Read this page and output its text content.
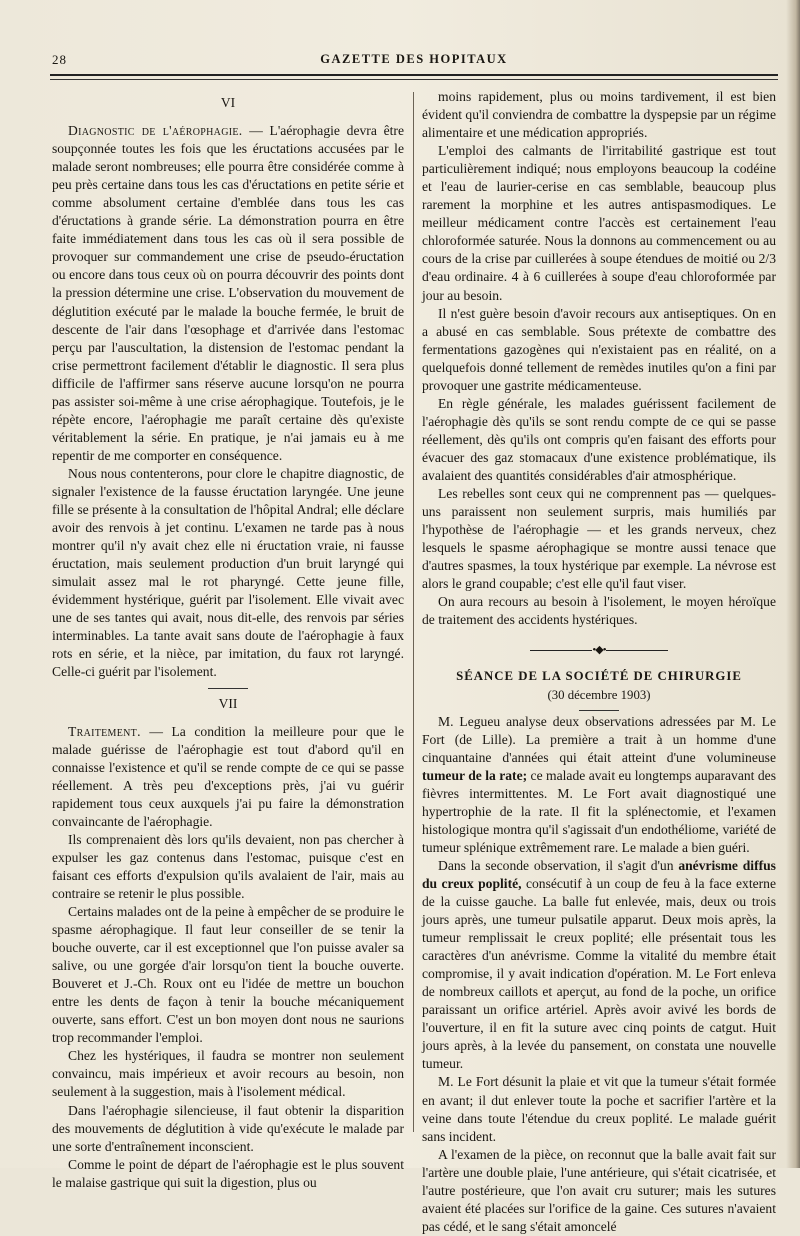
28	GAZETTE DES HOPITAUX

VI

Diagnostic de l'aérophagie. — L'aérophagie devra être soupçonnée toutes les fois que les éructations accusées par le malade seront nombreuses; elle pourra être considérée comme à peu près certaine dans tous les cas d'éructations en petite série et comme absolument certaine d'emblée dans tous les cas d'éructations à grande série. La démonstration pourra en être faite immédiatement dans tous les cas où il sera possible de provoquer sur commandement une crise de pseudo-éructation ou encore dans tous ceux où on pourra découvrir des points dont la pression détermine une crise. L'observation du mouvement de déglutition exécuté par le malade la bouche fermée, le bruit de descente de l'air dans l'œsophage et d'arrivée dans l'estomac perçu par l'auscultation, la distension de l'estomac pendant la crise permettront facilement d'établir le diagnostic. Il sera plus difficile de l'affirmer sans réserve aucune lorsqu'on ne pourra pas assister soi-même à une crise aérophagique. Toutefois, je le répète encore, l'aérophagie me paraît certaine dès qu'existe véritablement la série. En pratique, je n'ai jamais eu à me repentir de me comporter en conséquence.

Nous nous contenterons, pour clore le chapitre diagnostic, de signaler l'existence de la fausse éructation laryngée. Une jeune fille se présente à la consultation de l'hôpital Andral; elle déclare avoir des renvois à jet continu. L'examen ne tarde pas à nous montrer qu'il n'y avait chez elle ni éructation vraie, ni fausse éructation, mais seulement production d'un bruit laryngé qui simulait assez mal le rot pharyngé. Cette jeune fille, évidemment hystérique, guérit par l'isolement. Elle vivait avec une de ses tantes qui avait, nous dit-elle, des renvois par séries interminables. La tante avait sans doute de l'aérophagie à faux rots en série, et la nièce, par imitation, du faux rot laryngé. Celle-ci guérit par l'isolement.

VII

Traitement. — La condition la meilleure pour que le malade guérisse de l'aérophagie est tout d'abord qu'il en connaisse l'existence et qu'il se rende compte de ce qui se passe réellement. A très peu d'exceptions près, j'ai vu guérir rapidement tous ceux auxquels j'ai pu faire la démonstration convaincante de l'aérophagie.

Ils comprenaient dès lors qu'ils devaient, non pas chercher à expulser les gaz contenus dans l'estomac, puisque c'est en faisant ces efforts d'expulsion qu'ils avalaient de l'air, mais au contraire se retenir le plus possible.

Certains malades ont de la peine à empêcher de se produire le spasme aérophagique. Il faut leur conseiller de se tenir la bouche ouverte, car il est exceptionnel que l'on puisse avaler sa salive, ou une gorgée d'air lorsqu'on tient la bouche ouverte. Bouveret et J.-Ch. Roux ont eu l'idée de mettre un bouchon entre les dents de façon à tenir la bouche mécaniquement ouverte, sans effort. C'est un bon moyen dont nous ne saurions trop recommander l'emploi.

Chez les hystériques, il faudra se montrer non seulement convaincu, mais impérieux et avoir recours au besoin, non seulement à la suggestion, mais à l'isolement médical.

Dans l'aérophagie silencieuse, il faut obtenir la disparition des mouvements de déglutition à vide qu'exécute le malade par une sorte d'entraînement inconscient.

Comme le point de départ de l'aérophagie est le plus souvent le malaise gastrique qui suit la digestion, plus ou

moins rapidement, plus ou moins tardivement, il est bien évident qu'il conviendra de combattre la dyspepsie par un régime alimentaire et une médication appropriés.

L'emploi des calmants de l'irritabilité gastrique est tout particulièrement indiqué; nous employons beaucoup la codéine et l'eau de laurier-cerise en cas semblable, beaucoup plus rarement la morphine et les autres antispasmodiques. Le meilleur médicament contre l'accès est certainement l'eau chloroformée saturée. Nous la donnons au commencement ou au cours de la crise par cuillerées à soupe étendues de moitié ou 2/3 d'eau ordinaire. 4 à 6 cuillerées à soupe d'eau chloroformée par jour au besoin.

Il n'est guère besoin d'avoir recours aux antiseptiques. On en a abusé en cas semblable. Sous prétexte de combattre des fermentations gazogènes qui n'existaient pas en réalité, on a quelquefois donné tellement de remèdes inutiles qu'on a fini par provoquer une gastrite médicamenteuse.

En règle générale, les malades guérissent facilement de l'aérophagie dès qu'ils se sont rendu compte de ce qui se passe réellement, dès qu'ils ont compris qu'en faisant des efforts pour évacuer des gaz stomacaux d'une existence problématique, ils avalaient des quantités considérables d'air atmosphérique.

Les rebelles sont ceux qui ne comprennent pas — quelques-uns paraissent non seulement surpris, mais humiliés par l'hypothèse de l'aérophagie — et les grands nerveux, chez lesquels le spasme aérophagique se montre aussi tenace que d'autres spasmes, la toux hystérique par exemple. La névrose est alors le grand coupable; c'est elle qu'il faut viser.

On aura recours au besoin à l'isolement, le moyen héroïque de traitement des accidents hystériques.

•◆•

SÉANCE DE LA SOCIÉTÉ DE CHIRURGIE

(30 décembre 1903)

M. Legueu analyse deux observations adressées par M. Le Fort (de Lille). La première a trait à un homme d'une cinquantaine d'années qui était atteint d'une volumineuse tumeur de la rate; ce malade avait eu longtemps auparavant des fièvres intermittentes. M. Le Fort avait diagnostiqué une hypertrophie de la rate. Il fit la splénectomie, et l'examen histologique montra qu'il s'agissait d'un endothéliome, variété de tumeur splénique extrêmement rare. Le malade a bien guéri.

Dans la seconde observation, il s'agit d'un anévrisme diffus du creux poplité, consécutif à un coup de feu à la face externe de la cuisse gauche. La balle fut enlevée, mais, deux ou trois jours après, une tumeur pulsatile apparut. Deux mois après, la tumeur remplissait le creux poplité; elle présentait tous les caractères d'un anévrisme. Comme la vitalité du membre était compromise, il y avait indication d'opération. M. Le Fort enleva de nombreux caillots et aperçut, au fond de la poche, un orifice paraissant un orifice artériel. Après avoir avivé les bords de l'ouverture, il en fit la suture avec cinq points de catgut. Huit jours après, à la levée du pansement, on constata une nouvelle tumeur.

M. Le Fort désunit la plaie et vit que la tumeur s'était formée en avant; il dut enlever toute la poche et sacrifier l'artère et la veine dans toute l'étendue du creux poplité. Le malade guérit sans incident.

A l'examen de la pièce, on reconnut que la balle avait fait sur l'artère une double plaie, l'une antérieure, qui s'était cicatrisée, et l'autre postérieure, que l'on avait cru suturer; mais les sutures avaient été placées sur l'orifice de la gaine. Ces sutures n'avaient pas cédé, et le sang s'était amoncelé
